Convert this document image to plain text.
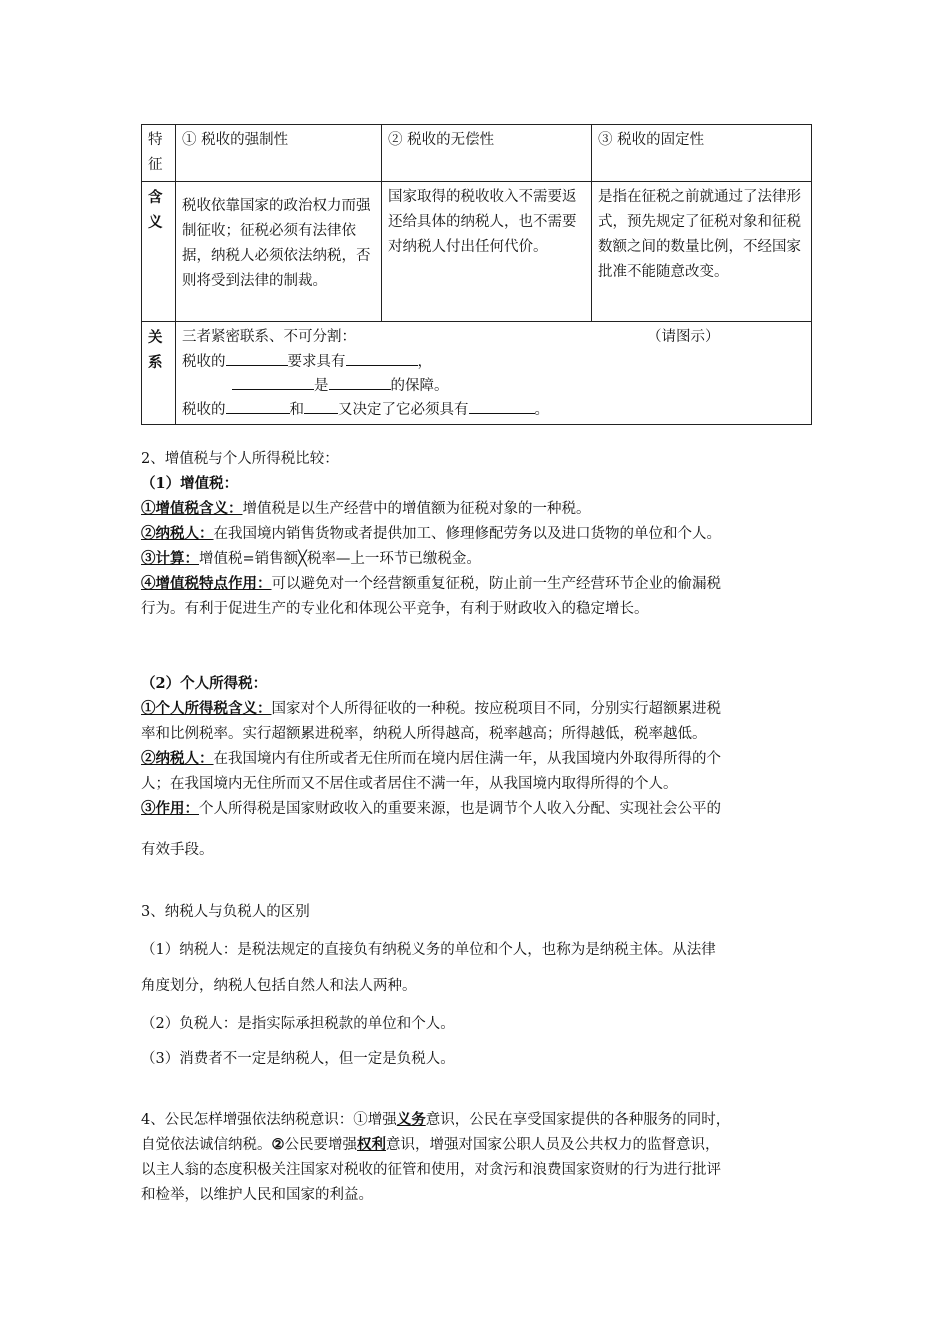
特征	① 税收的强制性	② 税收的无偿性	③ 税收的固定性
含义	税收依靠国家的政治权力而强制征收；征税必须有法律依据，纳税人必须依法纳税，否则将受到法律的制裁。	国家取得的税收收入不需要返还给具体的纳税人，也不需要对纳税人付出任何代价。	是指在征税之前就通过了法律形式，预先规定了征税对象和征税数额之间的数量比例，不经国家批准不能随意改变。
关系	三者紧密联系、不可分割： （请图示）
税收的 要求具有 ，
是 的保障。
税收的 和 又决定了它必须具有 。		
2、增值税与个人所得税比较：
（1）增值税：
①增值税含义：增值税是以生产经营中的增值额为征税对象的一种税。
②纳税人：在我国境内销售货物或者提供加工、修理修配劳务以及进口货物的单位和个人。
③计算：增值税=销售额╳税率—上一环节已缴税金。
④增值税特点作用：可以避免对一个经营额重复征税，防止前一生产经营环节企业的偷漏税
行为。有利于促进生产的专业化和体现公平竞争，有利于财政收入的稳定增长。
（2）个人所得税：
①个人所得税含义：国家对个人所得征收的一种税。按应税项目不同，分别实行超额累进税
率和比例税率。实行超额累进税率，纳税人所得越高，税率越高；所得越低，税率越低。
②纳税人：在我国境内有住所或者无住所而在境内居住满一年，从我国境内外取得所得的个
人；在我国境内无住所而又不居住或者居住不满一年，从我国境内取得所得的个人。
③作用：个人所得税是国家财政收入的重要来源，也是调节个人收入分配、实现社会公平的
有效手段。
3、纳税人与负税人的区别
（1）纳税人：是税法规定的直接负有纳税义务的单位和个人，也称为是纳税主体。从法律
角度划分，纳税人包括自然人和法人两种。
（2）负税人：是指实际承担税款的单位和个人。
（3）消费者不一定是纳税人，但一定是负税人。
4、公民怎样增强依法纳税意识：①增强义务意识，公民在享受国家提供的各种服务的同时，
自觉依法诚信纳税。②公民要增强权利意识，增强对国家公职人员及公共权力的监督意识，
以主人翁的态度积极关注国家对税收的征管和使用，对贪污和浪费国家资财的行为进行批评
和检举，以维护人民和国家的利益。
